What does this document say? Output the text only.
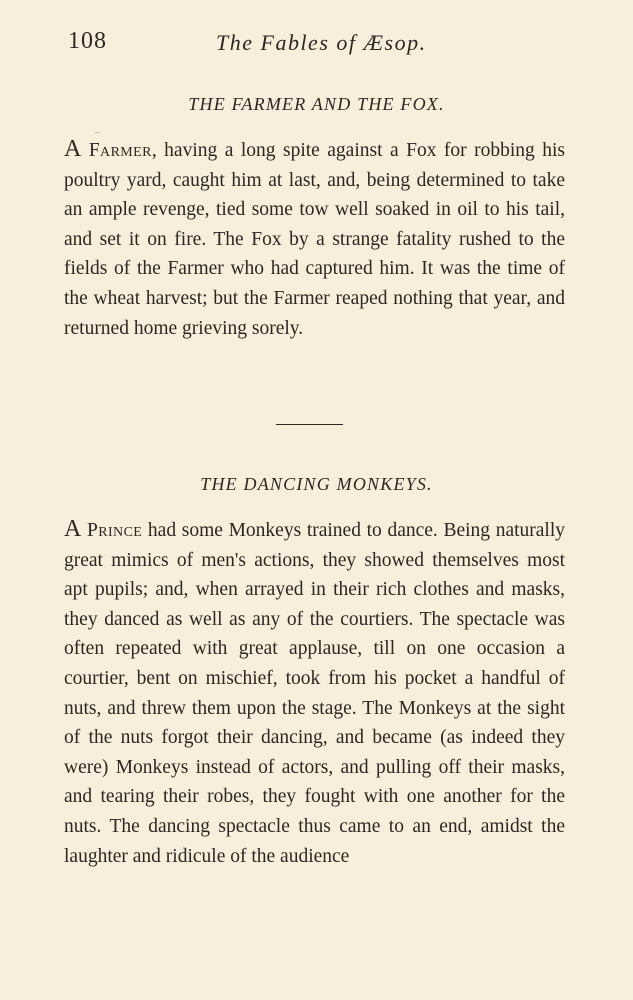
108	The Fables of Æsop.
THE FARMER AND THE FOX.

A Farmer, having a long spite against a Fox for robbing his poultry yard, caught him at last, and, being determined to take an ample revenge, tied some tow well soaked in oil to his tail, and set it on fire. The Fox by a strange fatality rushed to the fields of the Farmer who had captured him. It was the time of the wheat harvest; but the Farmer reaped nothing that year, and returned home grieving sorely.

THE DANCING MONKEYS.

A Prince had some Monkeys trained to dance. Being naturally great mimics of men's actions, they showed themselves most apt pupils; and, when arrayed in their rich clothes and masks, they danced as well as any of the courtiers. The spectacle was often repeated with great applause, till on one occasion a courtier, bent on mischief, took from his pocket a handful of nuts, and threw them upon the stage. The Monkeys at the sight of the nuts forgot their dancing, and became (as indeed they were) Monkeys instead of actors, and pulling off their masks, and tearing their robes, they fought with one another for the nuts. The dancing spectacle thus came to an end, amidst the laughter and ridicule of the audience
